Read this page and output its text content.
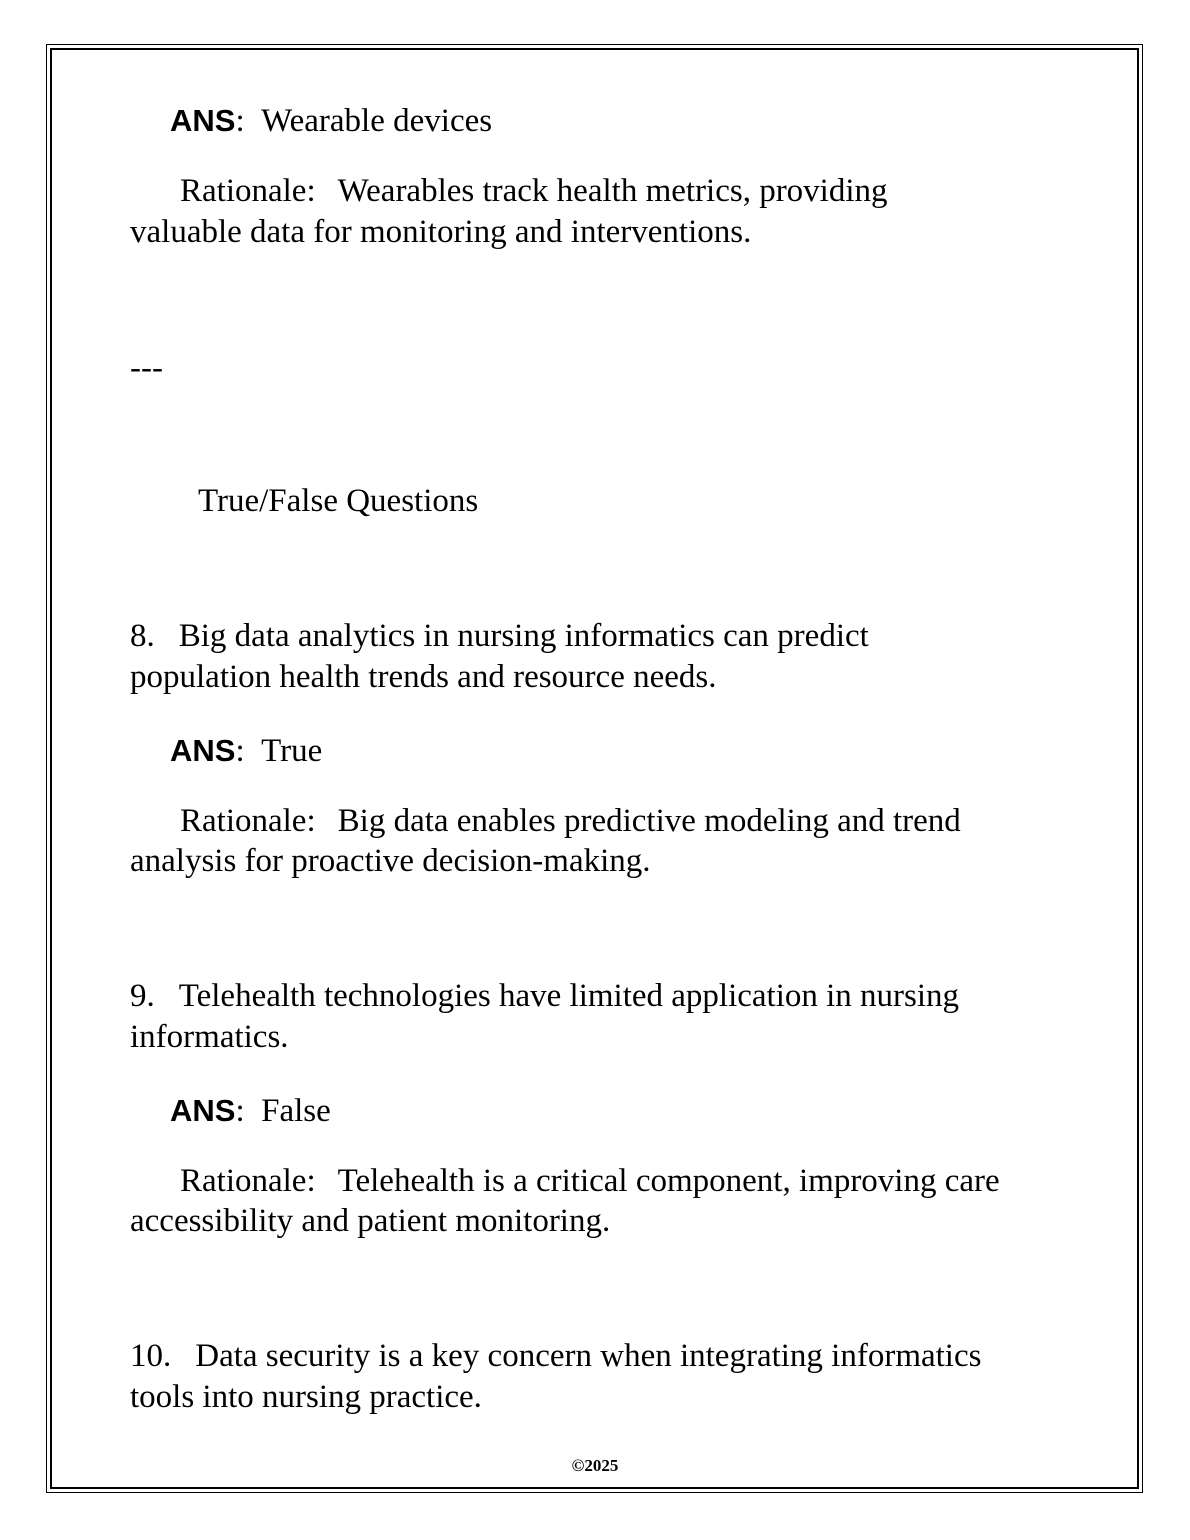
ANS:  Wearable devices
Rationale: Wearables track health metrics, providing
valuable data for monitoring and interventions.
---
True/False Questions
8. Big data analytics in nursing informatics can predict
population health trends and resource needs.
ANS:  True
Rationale: Big data enables predictive modeling and trend
analysis for proactive decision-making.
9. Telehealth technologies have limited application in nursing
informatics.
ANS:  False
Rationale: Telehealth is a critical component, improving care
accessibility and patient monitoring.
10. Data security is a key concern when integrating informatics
tools into nursing practice.
©2025
